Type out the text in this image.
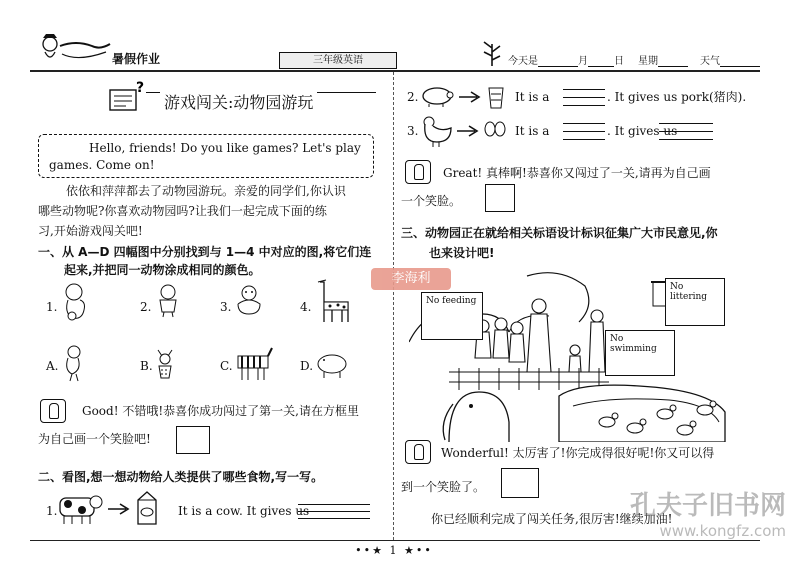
暑假作业	三年级英语	今天是	月	日 星期	天气
?
游戏闯关:动物园游玩
Hello, friends! Do you like games? Let's play
games. Come on!
依依和萍萍都去了动物园游玩。亲爱的同学们,你认识
哪些动物呢?你喜欢动物园吗?让我们一起完成下面的练
习,开始游戏闯关吧!
一、从 A—D 四幅图中分别找到与 1—4 中对应的图,将它们连
起来,并把同一动物涂成相同的颜色。
1.	2.	3.	4.
A.	B.	C.	D.
Good! 不错哦!恭喜你成功闯过了第一关,请在方框里
为自己画一个笑脸吧!
二、看图,想一想动物给人类提供了哪些食物,写一写。
1.	It is a cow. It gives us
2.	It is a	. It gives us pork(猪肉).
3.	It is a	. It gives us
Great! 真棒啊!恭喜你又闯过了一关,请再为自己画
一个笑脸。
三、动物园正在就给相关标语设计标识征集广大市民意见,你
也来设计吧!
李海利
No feeding
No littering
No swimming
Wonderful! 太厉害了!你完成得很好呢!你又可以得
到一个笑脸了。
你已经顺利完成了闯关任务,很厉害!继续加油!
孔夫子旧书网
www.kongfz.com
••★ 1 ★••
